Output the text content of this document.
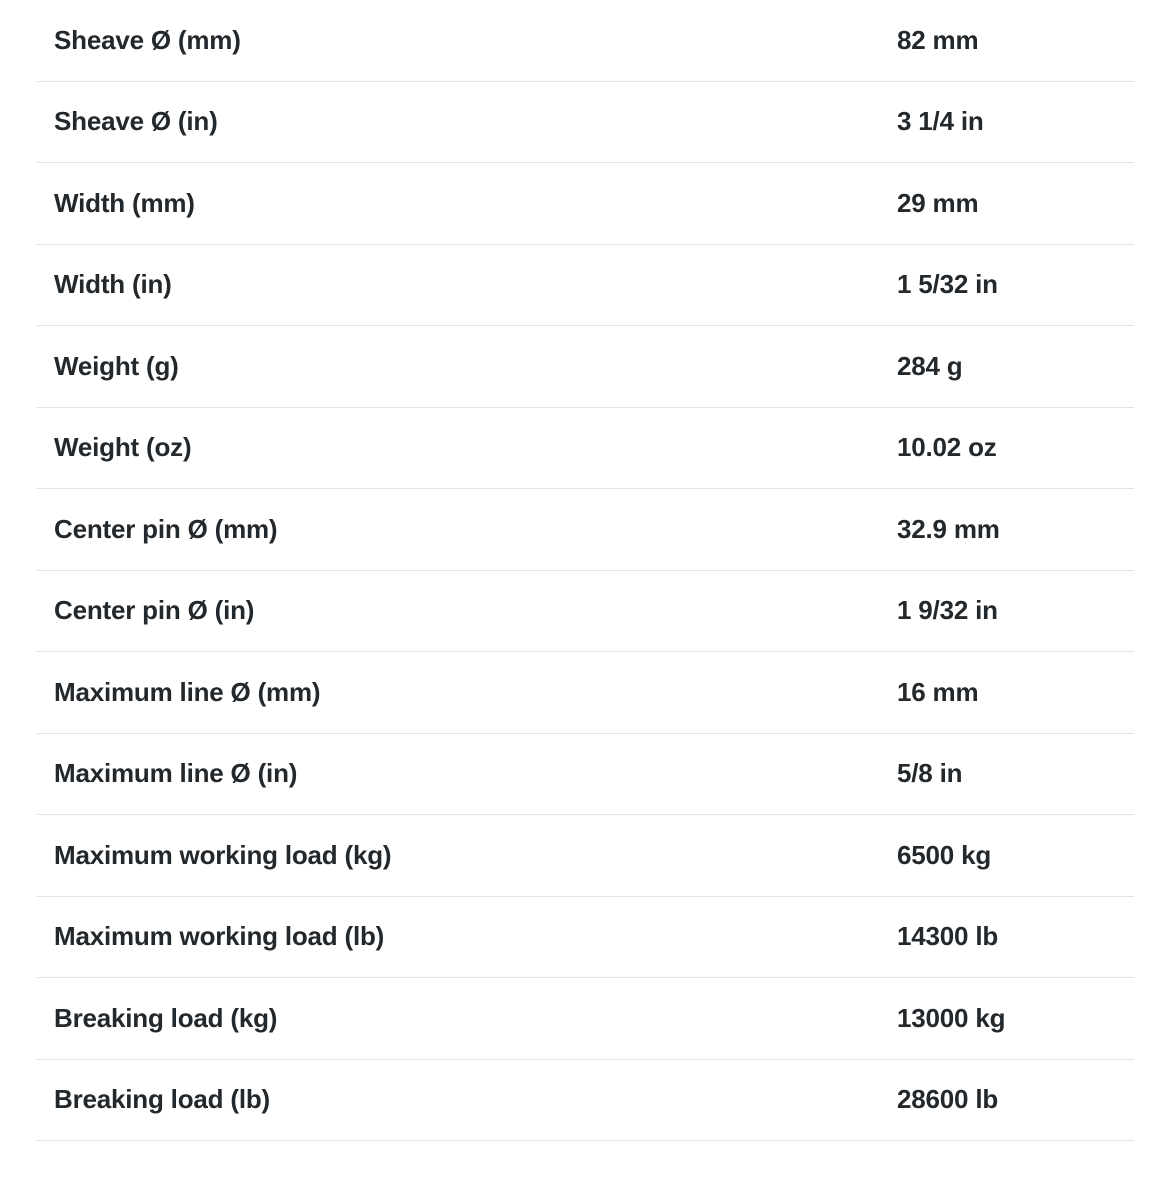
Sheave Ø (mm)	82 mm
Sheave Ø (in)	3 1/4 in
Width (mm)	29 mm
Width (in)	1 5/32 in
Weight (g)	284 g
Weight (oz)	10.02 oz
Center pin Ø (mm)	32.9 mm
Center pin Ø (in)	1 9/32 in
Maximum line Ø (mm)	16 mm
Maximum line Ø (in)	5/8 in
Maximum working load (kg)	6500 kg
Maximum working load (lb)	14300 lb
Breaking load (kg)	13000 kg
Breaking load (lb)	28600 lb
